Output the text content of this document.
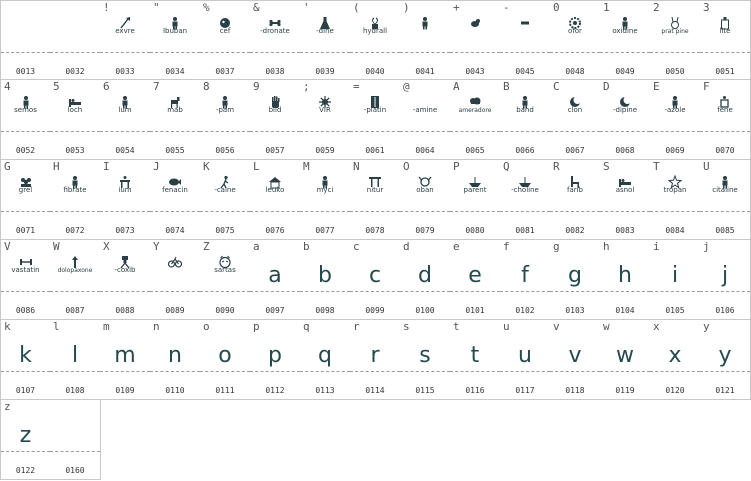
0013	0032
!
exvre
0033
"
Ibuban
0034
%
cef
0037
&
-dronate
0038
'
-dine
0039
(
hydrall
0040
)
0041
+
0043
-
0045
0
ofor
0048
1
oxidine
0049
2
prat pine
0050
3
lite
0051
4
semos
0052
5
loch
0053
6
lum
0054
7
mab
0055
8
-pam
0056
9
blld
0057
;
VIR
0059
=
-platin
0061
@
-amine
0064
A
ameradore
0065
B
band
0066
C
clon
0067
D
-dipine
0068
E
-azole
0069
F
fene
0070
G
grel
0071
H
fibrate
0072
I
ium
0073
J
fenacin
0074
K
-caine
0075
L
leuko
0076
M
myci
0077
N
nitur
0078
O
oban
0079
P
parent
0080
Q
-choline
0081
R
farib
0082
S
asnol
0083
T
tropan
0084
U
citaline
0085
V
vastatin
0086
W
dolopaxone
0087
X
-coxib
0088
Y
0089
Z
sartas
0090
a
a
0097
b
b
0098
c
c
0099
d
d
0100
e
e
0101
f
f
0102
g
g
0103
h
h
0104
i
i
0105
j
j
0106
k
k
0107
l
l
0108
m
m
0109
n
n
0110
o
o
0111
p
p
0112
q
q
0113
r
r
0114
s
s
0115
t
t
0116
u
u
0117
v
v
0118
w
w
0119
x
x
0120
y
y
0121
z
z
0122	0160
